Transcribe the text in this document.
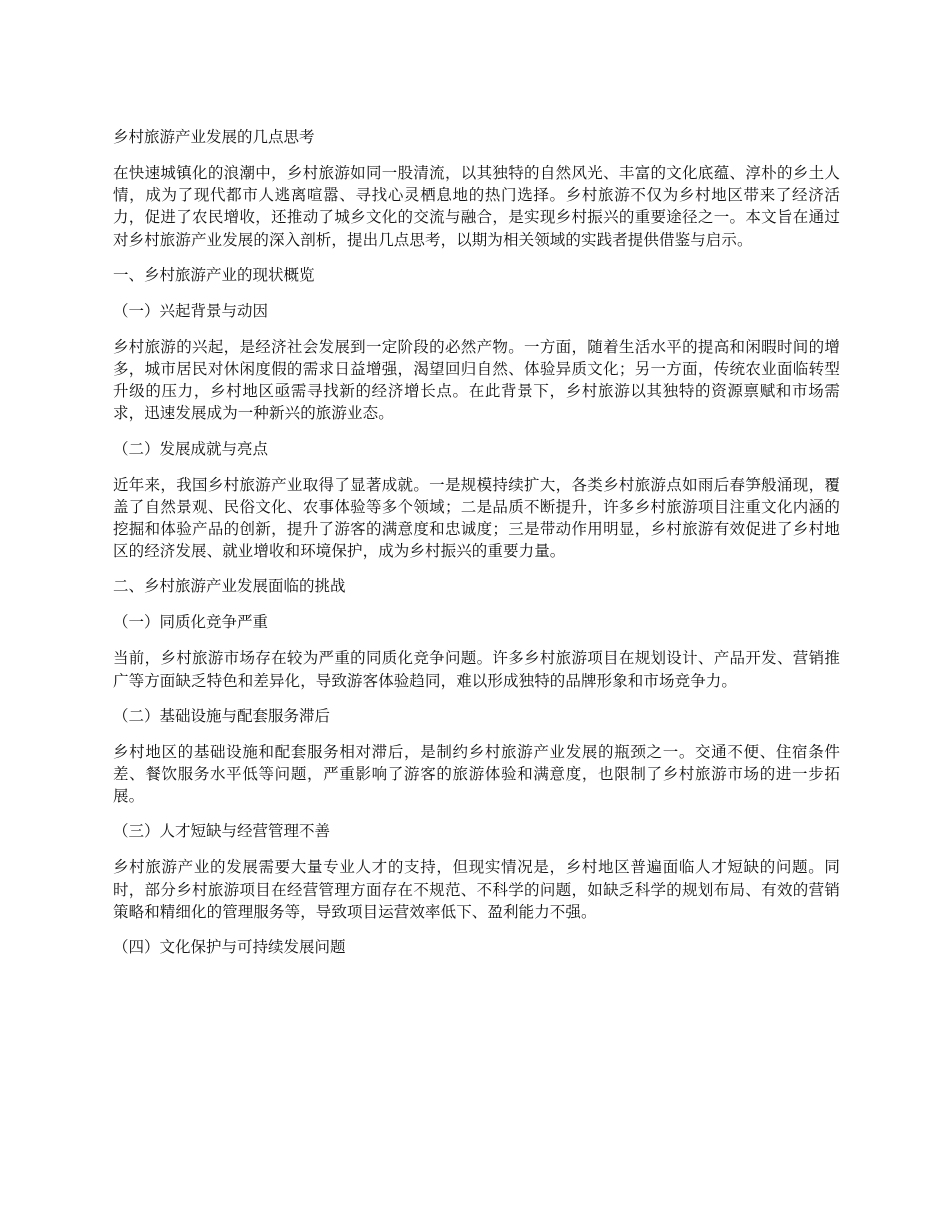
乡村旅游产业发展的几点思考

在快速城镇化的浪潮中，乡村旅游如同一股清流，以其独特的自然风光、丰富的文化底蕴、淳朴的乡土人情，成为了现代都市人逃离喧嚣、寻找心灵栖息地的热门选择。乡村旅游不仅为乡村地区带来了经济活力，促进了农民增收，还推动了城乡文化的交流与融合，是实现乡村振兴的重要途径之一。本文旨在通过对乡村旅游产业发展的深入剖析，提出几点思考，以期为相关领域的实践者提供借鉴与启示。

一、乡村旅游产业的现状概览
（一）兴起背景与动因

乡村旅游的兴起，是经济社会发展到一定阶段的必然产物。一方面，随着生活水平的提高和闲暇时间的增多，城市居民对休闲度假的需求日益增强，渴望回归自然、体验异质文化；另一方面，传统农业面临转型升级的压力，乡村地区亟需寻找新的经济增长点。在此背景下，乡村旅游以其独特的资源禀赋和市场需求，迅速发展成为一种新兴的旅游业态。

（二）发展成就与亮点

近年来，我国乡村旅游产业取得了显著成就。一是规模持续扩大，各类乡村旅游点如雨后春笋般涌现，覆盖了自然景观、民俗文化、农事体验等多个领域；二是品质不断提升，许多乡村旅游项目注重文化内涵的挖掘和体验产品的创新，提升了游客的满意度和忠诚度；三是带动作用明显，乡村旅游有效促进了乡村地区的经济发展、就业增收和环境保护，成为乡村振兴的重要力量。

二、乡村旅游产业发展面临的挑战
（一）同质化竞争严重

当前，乡村旅游市场存在较为严重的同质化竞争问题。许多乡村旅游项目在规划设计、产品开发、营销推广等方面缺乏特色和差异化，导致游客体验趋同，难以形成独特的品牌形象和市场竞争力。

（二）基础设施与配套服务滞后

乡村地区的基础设施和配套服务相对滞后，是制约乡村旅游产业发展的瓶颈之一。交通不便、住宿条件差、餐饮服务水平低等问题，严重影响了游客的旅游体验和满意度，也限制了乡村旅游市场的进一步拓展。

（三）人才短缺与经营管理不善

乡村旅游产业的发展需要大量专业人才的支持，但现实情况是，乡村地区普遍面临人才短缺的问题。同时，部分乡村旅游项目在经营管理方面存在不规范、不科学的问题，如缺乏科学的规划布局、有效的营销策略和精细化的管理服务等，导致项目运营效率低下、盈利能力不强。

（四）文化保护与可持续发展问题
